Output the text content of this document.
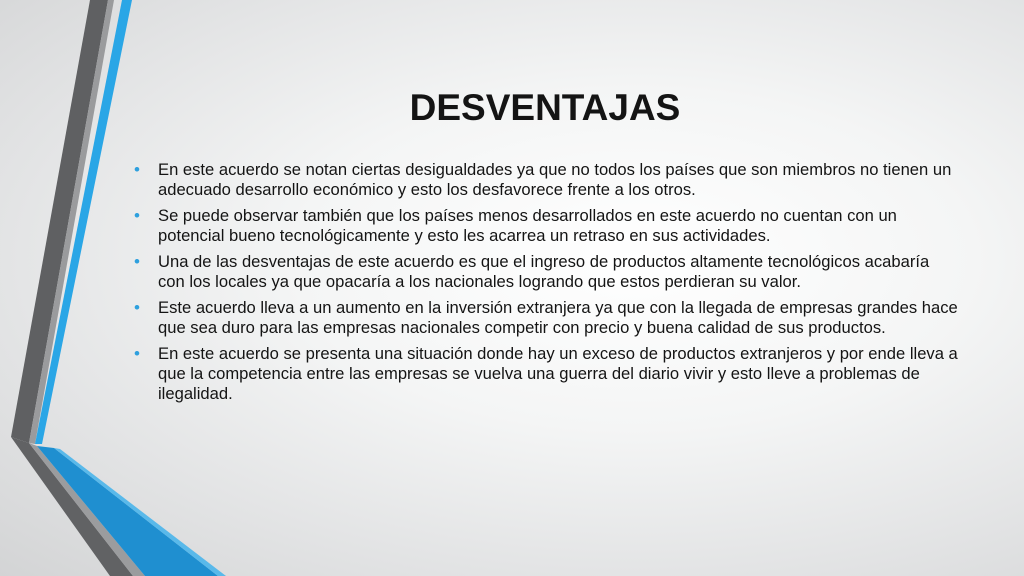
DESVENTAJAS
• En este acuerdo se notan ciertas desigualdades ya que no todos los países que son miembros no tienen un adecuado desarrollo económico y esto los desfavorece frente a los otros.
• Se puede observar también que los países menos desarrollados en este acuerdo no cuentan con un potencial bueno tecnológicamente y esto les acarrea un retraso en sus actividades.
• Una de las desventajas de este acuerdo es que el ingreso de productos altamente tecnológicos acabaría con los locales ya que opacaría a los nacionales logrando que estos perdieran su valor.
• Este acuerdo lleva a un aumento en la inversión extranjera ya que con la llegada de empresas grandes hace que sea duro para las empresas nacionales competir con precio y buena calidad de sus productos.
• En este acuerdo se presenta una situación donde hay un exceso de productos extranjeros y por ende lleva a que la competencia entre las empresas se vuelva una guerra del diario vivir y esto lleve a problemas de ilegalidad.
